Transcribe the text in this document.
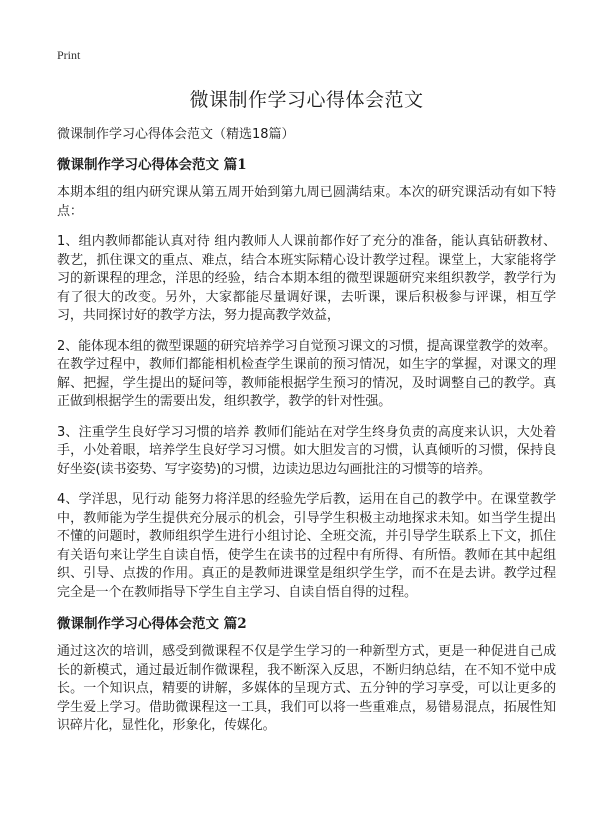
Print
微课制作学习心得体会范文

微课制作学习心得体会范文（精选18篇）

微课制作学习心得体会范文 篇1

本期本组的组内研究课从第五周开始到第九周已圆满结束。本次的研究课活动有如下特点：

1、组内教师都能认真对待 组内教师人人课前都作好了充分的准备，能认真钻研教材、教艺，抓住课文的重点、难点，结合本班实际精心设计教学过程。课堂上，大家能将学习的新课程的理念，洋思的经验，结合本期本组的微型课题研究来组织教学，教学行为有了很大的改变。另外，大家都能尽量调好课，去听课，课后积极参与评课，相互学习，共同探讨好的教学方法，努力提高教学效益，

2、能体现本组的微型课题的研究培养学习自觉预习课文的习惯，提高课堂教学的效率。在教学过程中，教师们都能相机检查学生课前的预习情况，如生字的掌握，对课文的理解、把握，学生提出的疑问等，教师能根据学生预习的情况，及时调整自己的教学。真正做到根据学生的需要出发，组织教学，教学的针对性强。

3、注重学生良好学习习惯的培养 教师们能站在对学生终身负责的高度来认识，大处着手，小处着眼，培养学生良好学习习惯。如大胆发言的习惯，认真倾听的习惯，保持良好坐姿(读书姿势、写字姿势)的习惯，边读边思边勾画批注的习惯等的培养。

4、学洋思，见行动 能努力将洋思的经验先学后教，运用在自己的教学中。在课堂教学中，教师能为学生提供充分展示的机会，引导学生积极主动地探求未知。如当学生提出不懂的问题时，教师组织学生进行小组讨论、全班交流，并引导学生联系上下文，抓住有关语句来让学生自读自悟，使学生在读书的过程中有所得、有所悟。教师在其中起组织、引导、点拨的作用。真正的是教师进课堂是组织学生学，而不在是去讲。教学过程完全是一个在教师指导下学生自主学习、自读自悟自得的过程。

微课制作学习心得体会范文 篇2

通过这次的培训，感受到微课程不仅是学生学习的一种新型方式，更是一种促进自己成长的新模式，通过最近制作微课程，我不断深入反思，不断归纳总结，在不知不觉中成长。一个知识点，精要的讲解，多媒体的呈现方式、五分钟的学习享受，可以让更多的学生爱上学习。借助微课程这一工具，我们可以将一些重难点，易错易混点，拓展性知识碎片化，显性化，形象化，传媒化。
